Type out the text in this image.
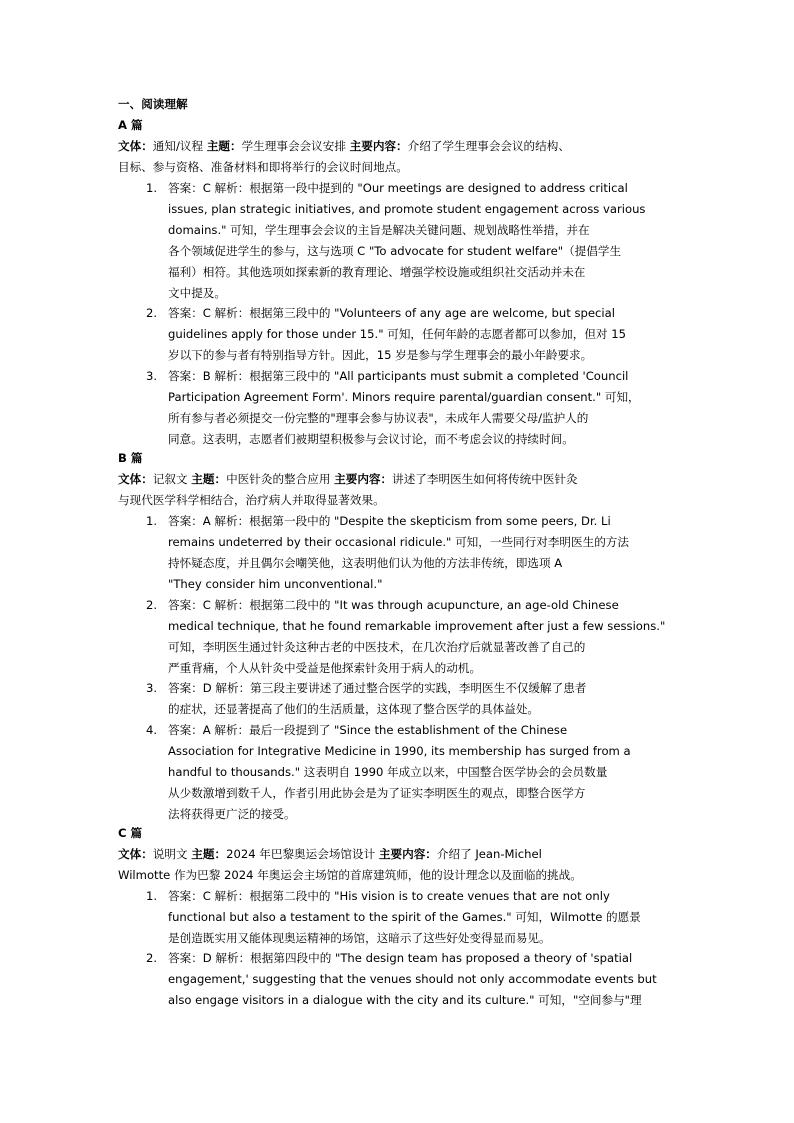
一、阅读理解
A 篇
文体：通知/议程 主题：学生理事会会议安排 主要内容：介绍了学生理事会会议的结构、
目标、参与资格、准备材料和即将举行的会议时间地点。
1. 答案：C 解析：根据第一段中提到的 "Our meetings are designed to address critical
issues, plan strategic initiatives, and promote student engagement across various
domains." 可知，学生理事会会议的主旨是解决关键问题、规划战略性举措，并在
各个领域促进学生的参与，这与选项 C "To advocate for student welfare"（提倡学生
福利）相符。其他选项如探索新的教育理论、增强学校设施或组织社交活动并未在
文中提及。
2. 答案：C 解析：根据第三段中的 "Volunteers of any age are welcome, but special
guidelines apply for those under 15." 可知，任何年龄的志愿者都可以参加，但对 15
岁以下的参与者有特别指导方针。因此，15 岁是参与学生理事会的最小年龄要求。
3. 答案：B 解析：根据第三段中的 "All participants must submit a completed 'Council
Participation Agreement Form'. Minors require parental/guardian consent." 可知，
所有参与者必须提交一份完整的"理事会参与协议表"，未成年人需要父母/监护人的
同意。这表明，志愿者们被期望积极参与会议讨论，而不考虑会议的持续时间。
B 篇
文体：记叙文 主题：中医针灸的整合应用 主要内容：讲述了李明医生如何将传统中医针灸
与现代医学科学相结合，治疗病人并取得显著效果。
1. 答案：A 解析：根据第一段中的 "Despite the skepticism from some peers, Dr. Li
remains undeterred by their occasional ridicule." 可知，一些同行对李明医生的方法
持怀疑态度，并且偶尔会嘲笑他，这表明他们认为他的方法非传统，即选项 A
"They consider him unconventional."
2. 答案：C 解析：根据第二段中的 "It was through acupuncture, an age-old Chinese
medical technique, that he found remarkable improvement after just a few sessions."
可知，李明医生通过针灸这种古老的中医技术，在几次治疗后就显著改善了自己的
严重背痛，个人从针灸中受益是他探索针灸用于病人的动机。
3. 答案：D 解析：第三段主要讲述了通过整合医学的实践，李明医生不仅缓解了患者
的症状，还显著提高了他们的生活质量，这体现了整合医学的具体益处。
4. 答案：A 解析：最后一段提到了 "Since the establishment of the Chinese
Association for Integrative Medicine in 1990, its membership has surged from a
handful to thousands." 这表明自 1990 年成立以来，中国整合医学协会的会员数量
从少数激增到数千人，作者引用此协会是为了证实李明医生的观点，即整合医学方
法将获得更广泛的接受。
C 篇
文体：说明文 主题：2024 年巴黎奥运会场馆设计 主要内容：介绍了 Jean-Michel
Wilmotte 作为巴黎 2024 年奥运会主场馆的首席建筑师，他的设计理念以及面临的挑战。
1. 答案：C 解析：根据第二段中的 "His vision is to create venues that are not only
functional but also a testament to the spirit of the Games." 可知，Wilmotte 的愿景
是创造既实用又能体现奥运精神的场馆，这暗示了这些好处变得显而易见。
2. 答案：D 解析：根据第四段中的 "The design team has proposed a theory of 'spatial
engagement,' suggesting that the venues should not only accommodate events but
also engage visitors in a dialogue with the city and its culture." 可知，"空间参与"理
